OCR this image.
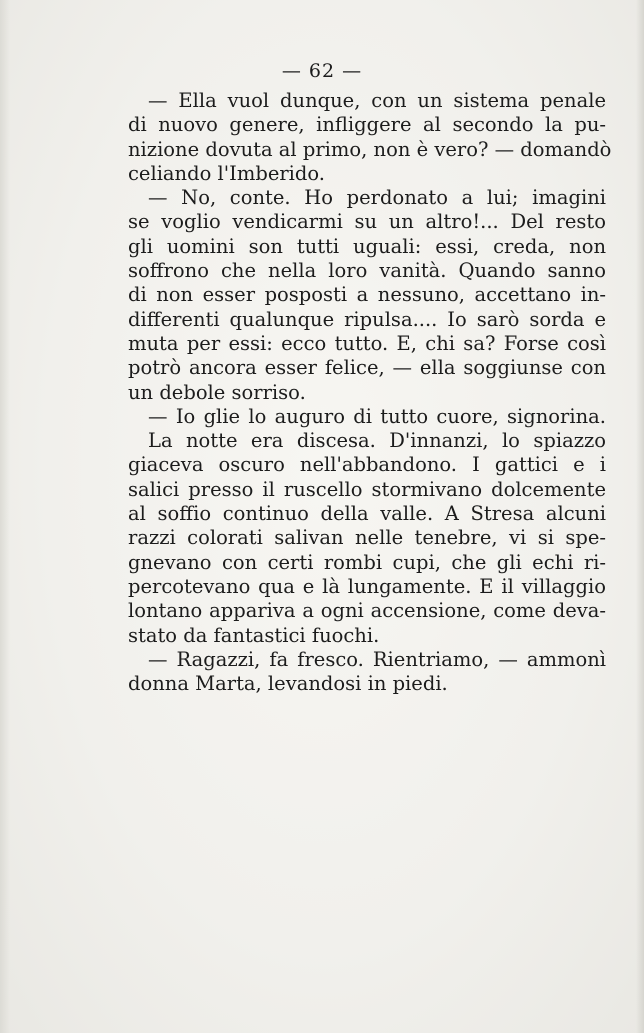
— 62 —
— Ella vuol dunque, con un sistema penale
di nuovo genere, infliggere al secondo la pu-
nizione dovuta al primo, non è vero? — domandò
celiando l'Imberido.
— No, conte. Ho perdonato a lui; imagini
se voglio vendicarmi su un altro!... Del resto
gli uomini son tutti uguali: essi, creda, non
soffrono che nella loro vanità. Quando sanno
di non esser posposti a nessuno, accettano in-
differenti qualunque ripulsa.... Io sarò sorda e
muta per essi: ecco tutto. E, chi sa? Forse così
potrò ancora esser felice, — ella soggiunse con
un debole sorriso.
— Io glie lo auguro di tutto cuore, signorina.
La notte era discesa. D'innanzi, lo spiazzo
giaceva oscuro nell'abbandono. I gattici e i
salici presso il ruscello stormivano dolcemente
al soffio continuo della valle. A Stresa alcuni
razzi colorati salivan nelle tenebre, vi si spe-
gnevano con certi rombi cupi, che gli echi ri-
percotevano qua e là lungamente. E il villaggio
lontano appariva a ogni accensione, come deva-
stato da fantastici fuochi.
— Ragazzi, fa fresco. Rientriamo, — ammonì
donna Marta, levandosi in piedi.
